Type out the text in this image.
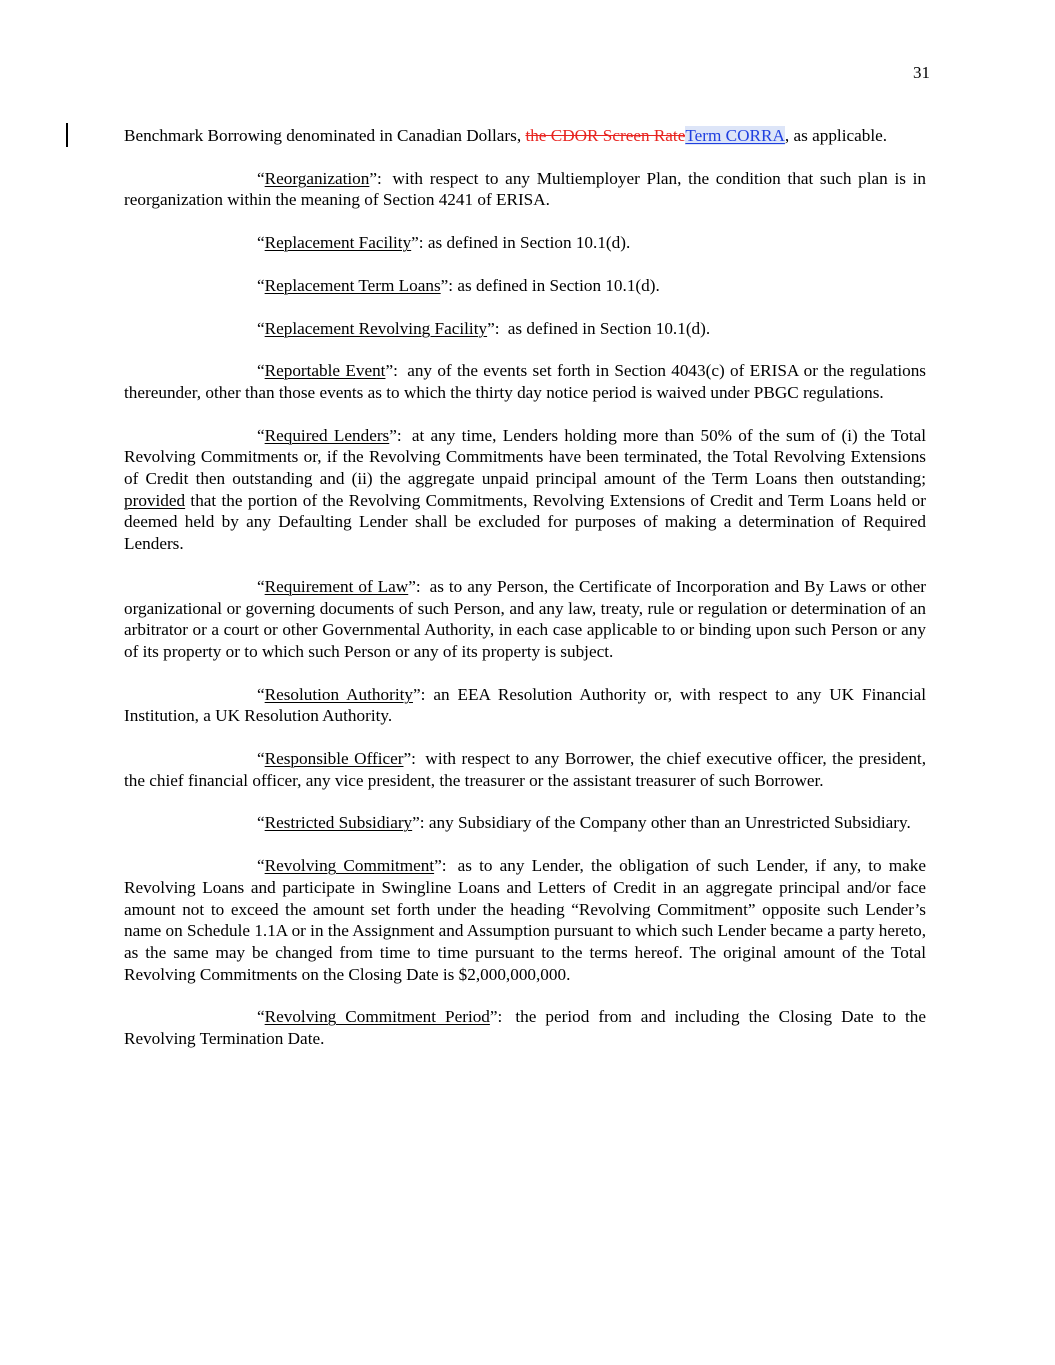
31

Benchmark Borrowing denominated in Canadian Dollars, the CDOR Screen RateTerm CORRA, as applicable.

“Reorganization”: with respect to any Multiemployer Plan, the condition that such plan is in reorganization within the meaning of Section 4241 of ERISA.

“Replacement Facility”: as defined in Section 10.1(d).

“Replacement Term Loans”: as defined in Section 10.1(d).

“Replacement Revolving Facility”: as defined in Section 10.1(d).

“Reportable Event”: any of the events set forth in Section 4043(c) of ERISA or the regulations thereunder, other than those events as to which the thirty day notice period is waived under PBGC regulations.

“Required Lenders”: at any time, Lenders holding more than 50% of the sum of (i) the Total Revolving Commitments or, if the Revolving Commitments have been terminated, the Total Revolving Extensions of Credit then outstanding and (ii) the aggregate unpaid principal amount of the Term Loans then outstanding; provided that the portion of the Revolving Commitments, Revolving Extensions of Credit and Term Loans held or deemed held by any Defaulting Lender shall be excluded for purposes of making a determination of Required Lenders.

“Requirement of Law”: as to any Person, the Certificate of Incorporation and By Laws or other organizational or governing documents of such Person, and any law, treaty, rule or regulation or determination of an arbitrator or a court or other Governmental Authority, in each case applicable to or binding upon such Person or any of its property or to which such Person or any of its property is subject.

“Resolution Authority”: an EEA Resolution Authority or, with respect to any UK Financial Institution, a UK Resolution Authority.

“Responsible Officer”: with respect to any Borrower, the chief executive officer, the president, the chief financial officer, any vice president, the treasurer or the assistant treasurer of such Borrower.

“Restricted Subsidiary”: any Subsidiary of the Company other than an Unrestricted Subsidiary.

“Revolving Commitment”: as to any Lender, the obligation of such Lender, if any, to make Revolving Loans and participate in Swingline Loans and Letters of Credit in an aggregate principal and/or face amount not to exceed the amount set forth under the heading “Revolving Commitment” opposite such Lender’s name on Schedule 1.1A or in the Assignment and Assumption pursuant to which such Lender became a party hereto, as the same may be changed from time to time pursuant to the terms hereof. The original amount of the Total Revolving Commitments on the Closing Date is $2,000,000,000.

“Revolving Commitment Period”: the period from and including the Closing Date to the Revolving Termination Date.
